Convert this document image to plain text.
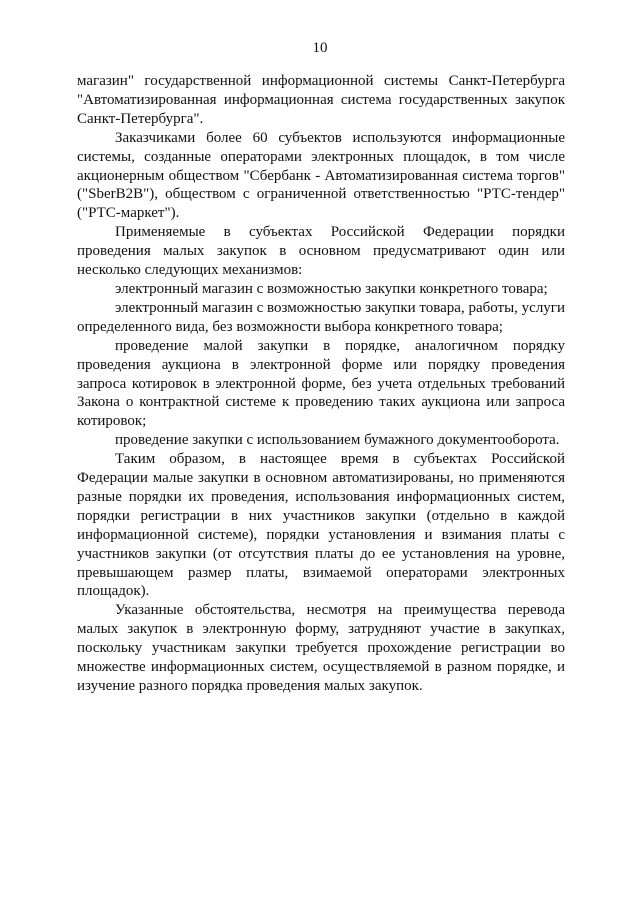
10

магазин" государственной информационной системы Санкт-Петербурга "Автоматизированная информационная система государственных закупок Санкт-Петербурга".

Заказчиками более 60 субъектов используются информационные системы, созданные операторами электронных площадок, в том числе акционерным обществом "Сбербанк - Автоматизированная система торгов" ("SberB2B"), обществом с ограниченной ответственностью "РТС-тендер" ("РТС-маркет").

Применяемые в субъектах Российской Федерации порядки проведения малых закупок в основном предусматривают один или несколько следующих механизмов:

электронный магазин с возможностью закупки конкретного товара;

электронный магазин с возможностью закупки товара, работы, услуги определенного вида, без возможности выбора конкретного товара;

проведение малой закупки в порядке, аналогичном порядку проведения аукциона в электронной форме или порядку проведения запроса котировок в электронной форме, без учета отдельных требований Закона о контрактной системе к проведению таких аукциона или запроса котировок;

проведение закупки с использованием бумажного документооборота.

Таким образом, в настоящее время в субъектах Российской Федерации малые закупки в основном автоматизированы, но применяются разные порядки их проведения, использования информационных систем, порядки регистрации в них участников закупки (отдельно в каждой информационной системе), порядки установления и взимания платы с участников закупки (от отсутствия платы до ее установления на уровне, превышающем размер платы, взимаемой операторами электронных площадок).

Указанные обстоятельства, несмотря на преимущества перевода малых закупок в электронную форму, затрудняют участие в закупках, поскольку участникам закупки требуется прохождение регистрации во множестве информационных систем, осуществляемой в разном порядке, и изучение разного порядка проведения малых закупок.
